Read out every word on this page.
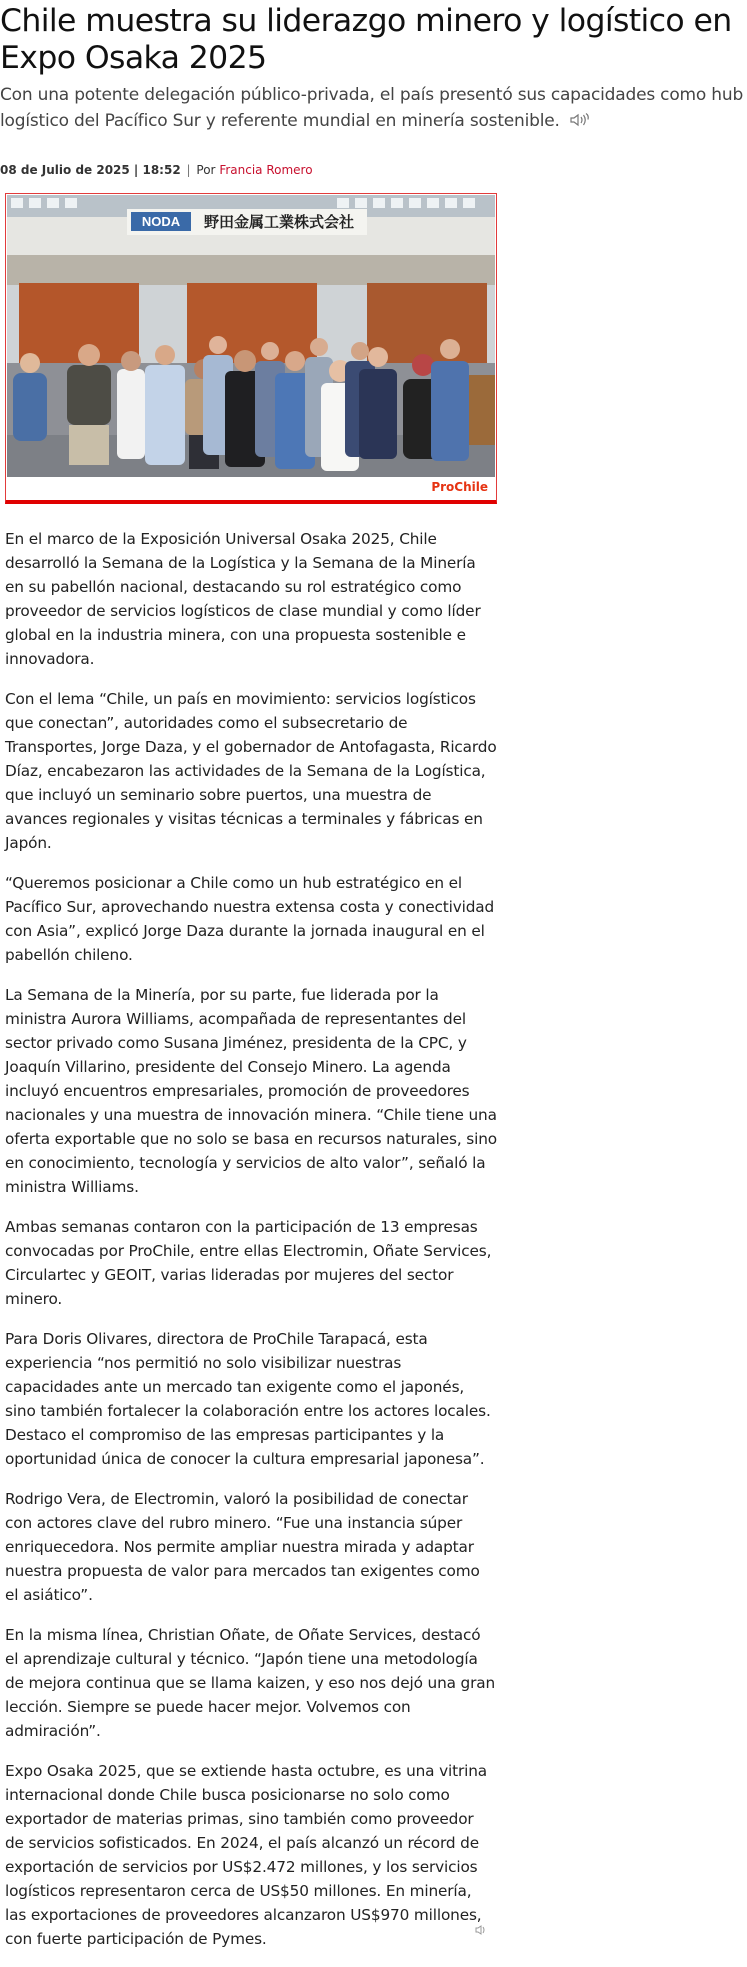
Chile muestra su liderazgo minero y logístico en Expo Osaka 2025
Con una potente delegación público-privada, el país presentó sus capacidades como hub logístico del Pacífico Sur y referente mundial en minería sostenible.
08 de Julio de 2025 | 18:52 | Por Francia Romero
NODA 野田金属工業株式会社
ProChile

En el marco de la Exposición Universal Osaka 2025, Chile desarrolló la Semana de la Logística y la Semana de la Minería en su pabellón nacional, destacando su rol estratégico como proveedor de servicios logísticos de clase mundial y como líder global en la industria minera, con una propuesta sostenible e innovadora.

Con el lema “Chile, un país en movimiento: servicios logísticos que conectan”, autoridades como el subsecretario de Transportes, Jorge Daza, y el gobernador de Antofagasta, Ricardo Díaz, encabezaron las actividades de la Semana de la Logística, que incluyó un seminario sobre puertos, una muestra de avances regionales y visitas técnicas a terminales y fábricas en Japón.

“Queremos posicionar a Chile como un hub estratégico en el Pacífico Sur, aprovechando nuestra extensa costa y conectividad con Asia”, explicó Jorge Daza durante la jornada inaugural en el pabellón chileno.

La Semana de la Minería, por su parte, fue liderada por la ministra Aurora Williams, acompañada de representantes del sector privado como Susana Jiménez, presidenta de la CPC, y Joaquín Villarino, presidente del Consejo Minero. La agenda incluyó encuentros empresariales, promoción de proveedores nacionales y una muestra de innovación minera. “Chile tiene una oferta exportable que no solo se basa en recursos naturales, sino en conocimiento, tecnología y servicios de alto valor”, señaló la ministra Williams.

Ambas semanas contaron con la participación de 13 empresas convocadas por ProChile, entre ellas Electromin, Oñate Services, Circulartec y GEOIT, varias lideradas por mujeres del sector minero.

Para Doris Olivares, directora de ProChile Tarapacá, esta experiencia “nos permitió no solo visibilizar nuestras capacidades ante un mercado tan exigente como el japonés, sino también fortalecer la colaboración entre los actores locales. Destaco el compromiso de las empresas participantes y la oportunidad única de conocer la cultura empresarial japonesa”.

Rodrigo Vera, de Electromin, valoró la posibilidad de conectar con actores clave del rubro minero. “Fue una instancia súper enriquecedora. Nos permite ampliar nuestra mirada y adaptar nuestra propuesta de valor para mercados tan exigentes como el asiático”.

En la misma línea, Christian Oñate, de Oñate Services, destacó el aprendizaje cultural y técnico. “Japón tiene una metodología de mejora continua que se llama kaizen, y eso nos dejó una gran lección. Siempre se puede hacer mejor. Volvemos con admiración”.

Expo Osaka 2025, que se extiende hasta octubre, es una vitrina internacional donde Chile busca posicionarse no solo como exportador de materias primas, sino también como proveedor de servicios sofisticados. En 2024, el país alcanzó un récord de exportación de servicios por US$2.472 millones, y los servicios logísticos representaron cerca de US$50 millones. En minería, las exportaciones de proveedores alcanzaron US$970 millones, con fuerte participación de Pymes.
